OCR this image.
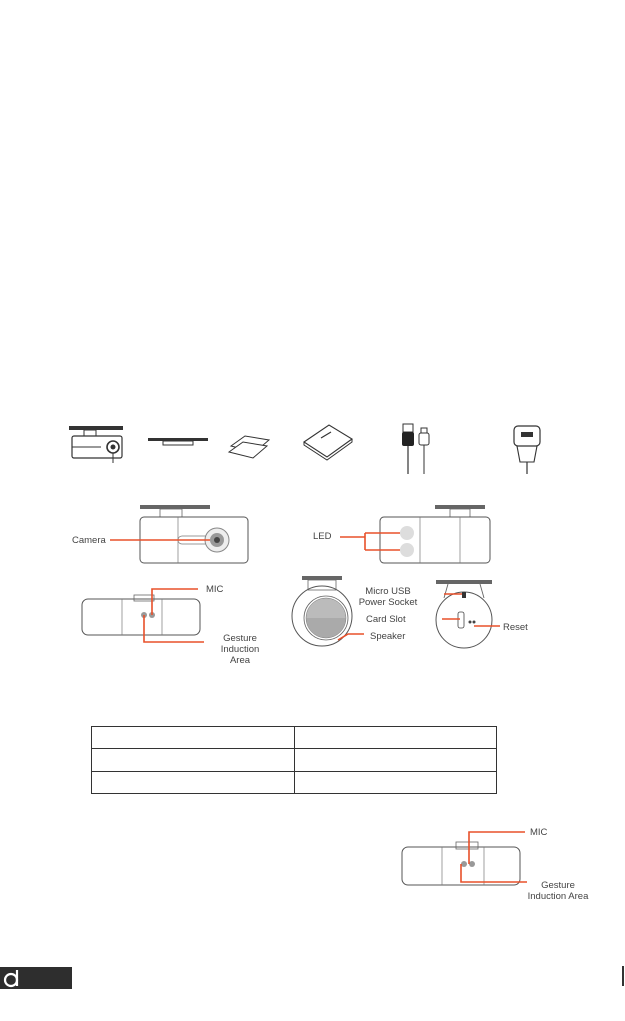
Camera	LED
MIC
Gesture
Induction Area
Speaker
Micro USB
Power Socket
Card Slot
Reset
MIC
Gesture
Induction Area
